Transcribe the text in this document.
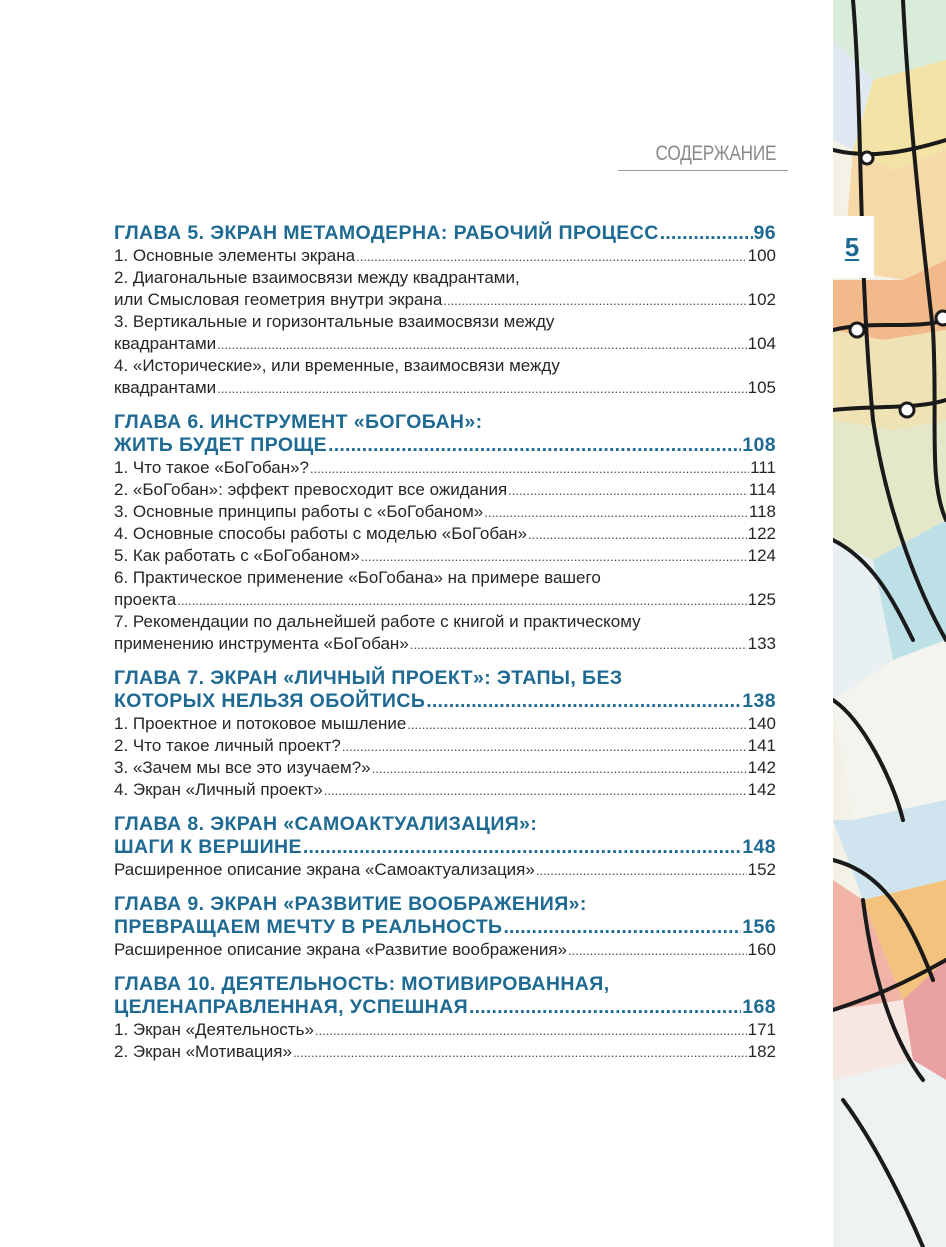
СОДЕРЖАНИЕ
ГЛАВА 5. ЭКРАН МЕТАМОДЕРНА: РАБОЧИЙ ПРОЦЕСС .....	96
1. Основные элементы экрана .....	100
2. Диагональные взаимосвязи между квадрантами,
или Смысловая геометрия внутри экрана .....	102
3. Вертикальные и горизонтальные взаимосвязи между
квадрантами .....	104
4. «Исторические», или временные, взаимосвязи между
квадрантами .....	105
ГЛАВА 6. ИНСТРУМЕНТ «БОГОБАН»:
ЖИТЬ БУДЕТ ПРОЩЕ .....	108
1. Что такое «БоГобан»? .....	111
2. «БоГобан»: эффект превосходит все ожидания .....	114
3. Основные принципы работы с «БоГобаном» .....	118
4. Основные способы работы с моделью «БоГобан» .....	122
5. Как работать с «БоГобаном» .....	124
6. Практическое применение «БоГобана» на примере вашего
проекта .....	125
7. Рекомендации по дальнейшей работе с книгой и практическому
применению инструмента «БоГобан» .....	133
ГЛАВА 7. ЭКРАН «ЛИЧНЫЙ ПРОЕКТ»: ЭТАПЫ, БЕЗ
КОТОРЫХ НЕЛЬЗЯ ОБОЙТИСЬ .....	138
1. Проектное и потоковое мышление .....	140
2. Что такое личный проект? .....	141
3. «Зачем мы все это изучаем?» .....	142
4. Экран «Личный проект» .....	142
ГЛАВА 8. ЭКРАН «САМОАКТУАЛИЗАЦИЯ»:
ШАГИ К ВЕРШИНЕ .....	148
Расширенное описание экрана «Самоактуализация» .....	152
ГЛАВА 9. ЭКРАН «РАЗВИТИЕ ВООБРАЖЕНИЯ»:
ПРЕВРАЩАЕМ МЕЧТУ В РЕАЛЬНОСТЬ .....	156
Расширенное описание экрана «Развитие воображения» .....	160
ГЛАВА 10. ДЕЯТЕЛЬНОСТЬ: МОТИВИРОВАННАЯ,
ЦЕЛЕНАПРАВЛЕННАЯ, УСПЕШНАЯ .....	168
1. Экран «Деятельность» .....	171
2. Экран «Мотивация» .....	182
5
